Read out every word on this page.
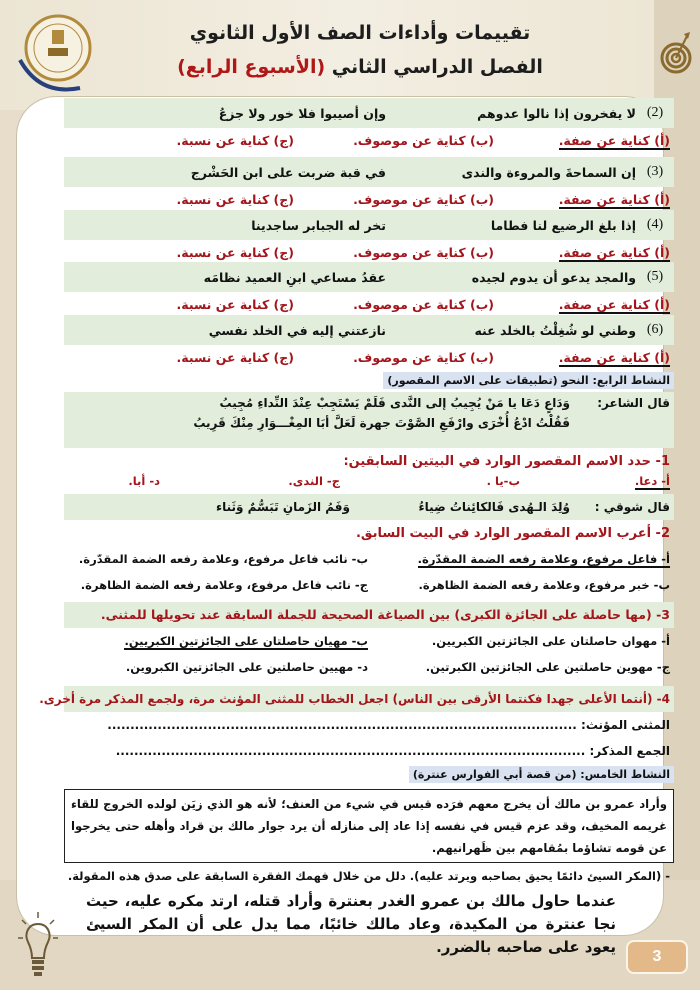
تقييمات وأداءات الصف الأول الثانوي
الفصل الدراسي الثاني (الأسبوع الرابع)
(2)
لا يفخرون إذا نالوا عدوهم
وإن أصيبوا فلا خور ولا جزعُ
(أ) كناية عن صفة.
(ب) كناية عن موصوف.
(ج) كناية عن نسبة.
(3)
إن السماحةَ والمروءة والندى
في قبة ضربت على ابن الحَشْرج
(أ) كناية عن صفة.
(ب) كناية عن موصوف.
(ج) كناية عن نسبة.
(4)
إذا بلغ الرضيع لنا فطاما
تخر له الجبابر ساجدينا
(أ) كناية عن صفة.
(ب) كناية عن موصوف.
(ج) كناية عن نسبة.
(5)
والمجد يدعو أن يدوم لجيده
عقدُ مساعي ابنِ العميد نظامَه
(أ) كناية عن صفة.
(ب) كناية عن موصوف.
(ج) كناية عن نسبة.
(6)
وطني لو شُغِلْتُ بالخلد عنه
نازعتني إليه في الخلد نفسي
(أ) كناية عن صفة.
(ب) كناية عن موصوف.
(ج) كناية عن نسبة.
النشاط الرابع: النحو (تطبيقات على الاسم المقصور)
قال الشاعر:
وَدَاعٍ دَعَا يا مَنْ يُجِيبُ إلى النَّدى فَلَمْ يَسْتَجِبْ عِنْدَ النِّداءِ مُجِيبُ
فَقُلْتُ ادْعُ أُخْرَى وارْفَعِ الصَّوْتَ جهرة لَعَلَّ أبَا المِغْـــوَارِ مِنْكَ قَرِيبُ
1- حدد الاسم المقصور الوارد في البيتين السابقين:
أ- دعا.
ب-يا .
ج- الندى.
د- أبا.
قال شوقي :
وُلِدَ الـهُدى فَالكائِناتُ ضِياءُ
وَفَمُ الزَمانِ تَبَسُّمٌ وَثَناء
2- أعرب الاسم المقصور الوارد في البيت السابق.
أ- فاعل مرفوع، وعلامة رفعه الضمة المقدّرة.
ب- نائب فاعل مرفوع، وعلامة رفعه الضمة المقدّرة.
ب- خبر مرفوع، وعلامة رفعه الضمة الظاهرة.
ج- نائب فاعل مرفوع، وعلامة رفعه الضمة الظاهرة.
3- (مها حاصلة على الجائزة الكبرى) بين الصياغة الصحيحة للجملة السابقة عند تحويلها للمثنى.
أ- مهوان حاصلتان على الجائزتين الكبريين.
ب- مهيان حاصلتان على الجائزتين الكبريين.
ج- مهوين حاصلتين على الجائزتين الكبرتين.
د- مهيين حاصلتين على الجائزتين الكبروين.
4- (أنتما الأعلى جهدا فكنتما الأرقى بين الناس) اجعل الخطاب للمثنى المؤنث مرة، ولجمع المذكر مرة أخرى.
المثنى المؤنث: .......................................................................................................
الجمع المذكر: .......................................................................................................
النشاط الخامس: (من قصة أبي الفوارس عنترة)
وأراد عمرو بن مالك أن يخرج معهم فرَده قيس في شيء من العنف؛ لأنه هو الذي زيَن لولده الخروج للقاء غريمه المخيف، وقد عزم قيس في نفسه إذا عاد إلى منازله أن يرد جوار مالك بن قراد وأهله حتى يخرجوا عن قومه تشاؤما بمُقامهم بين ظَهرانيهم.
- (المكر السيئ دائمًا يحيق بصاحبه ويرتد عليه). دلل من خلال فهمك الفقرة السابقة على صدق هذه المقولة.
عندما حاول مالك بن عمرو الغدر بعنترة وأراد قتله، ارتد مكره عليه، حيث نجا عنترة من المكيدة، وعاد مالك خائبًا، مما يدل على أن المكر السيئ يعود على صاحبه بالضرر.
3
